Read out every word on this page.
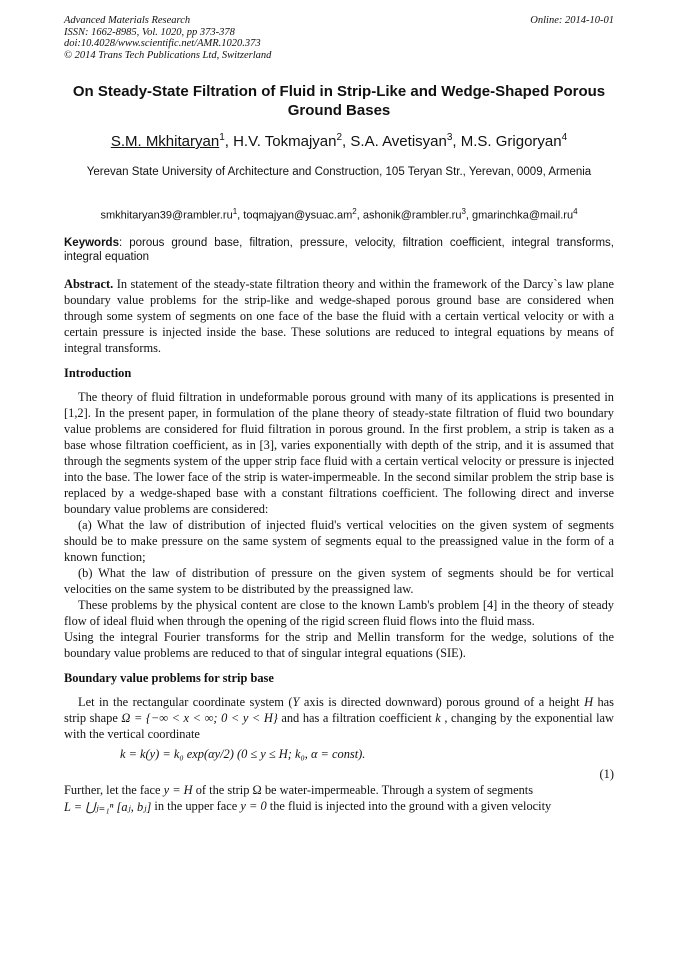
Advanced Materials Research
ISSN: 1662-8985, Vol. 1020, pp 373-378
doi:10.4028/www.scientific.net/AMR.1020.373
© 2014 Trans Tech Publications Ltd, Switzerland
Online: 2014-10-01
On Steady-State Filtration of Fluid in Strip-Like and Wedge-Shaped Porous Ground Bases
S.M. Mkhitaryan$^1$, H.V. Tokmajyan$^2$, S.A. Avetisyan$^3$, M.S. Grigoryan$^4$
Yerevan State University of Architecture and Construction, 105 Teryan Str., Yerevan, 0009, Armenia
$smkhitaryan39@rambler.ru^1$, $toqmajyan@ysuac.am^2$, $ashonik@rambler.ru^3$, $gmarinchka@mail.ru^4$
Keywords: porous ground base, filtration, pressure, velocity, filtration coefficient, integral transforms, integral equation

Abstract. In statement of the steady-state filtration theory and within the framework of the Darcy`s law plane boundary value problems for the strip-like and wedge-shaped porous ground base are considered when through some system of segments on one face of the base the fluid with a certain vertical velocity or with a certain pressure is injected inside the base. These solutions are reduced to integral equations by means of integral transforms.

Introduction

The theory of fluid filtration in undeformable porous ground with many of its applications is presented in [1,2]. In the present paper, in formulation of the plane theory of steady-state filtration of fluid two boundary value problems are considered for fluid filtration in porous ground. In the first problem, a strip is taken as a base whose filtration coefficient, as in [3], varies exponentially with depth of the strip, and it is assumed that through the segments system of the upper strip face fluid with a certain vertical velocity or pressure is injected into the base. The lower face of the strip is water-impermeable. In the second similar problem the strip base is replaced by a wedge-shaped base with a constant filtrations coefficient. The following direct and inverse boundary value problems are considered:

(a) What the law of distribution of injected fluid's vertical velocities on the given system of segments should be to make pressure on the same system of segments equal to the preassigned value in the form of a known function;

(b) What the law of distribution of pressure on the given system of segments should be for vertical velocities on the same system to be distributed by the preassigned law.

These problems by the physical content are close to the known Lamb's problem [4] in the theory of steady flow of ideal fluid when through the opening of the rigid screen fluid flows into the fluid mass.

Using the integral Fourier transforms for the strip and Mellin transform for the wedge, solutions of the boundary value problems are reduced to that of singular integral equations (SIE).

Boundary value problems for strip base

Let in the rectangular coordinate system (Y axis is directed downward) porous ground of a height H has strip shape Ω = {−∞ < x < ∞; 0 < y < H} and has a filtration coefficient k , changing by the exponential law with the vertical coordinate

k = k(y) = k₀ exp(αy/2) (0 ≤ y ≤ H; k₀, α = const).

(1)

Further, let the face y = H of the strip Ω be water-impermeable. Through a system of segments

L = ⋃ⱼ₌₁ⁿ [aⱼ, bⱼ] in the upper face y = 0 the fluid is injected into the ground with a given velocity
